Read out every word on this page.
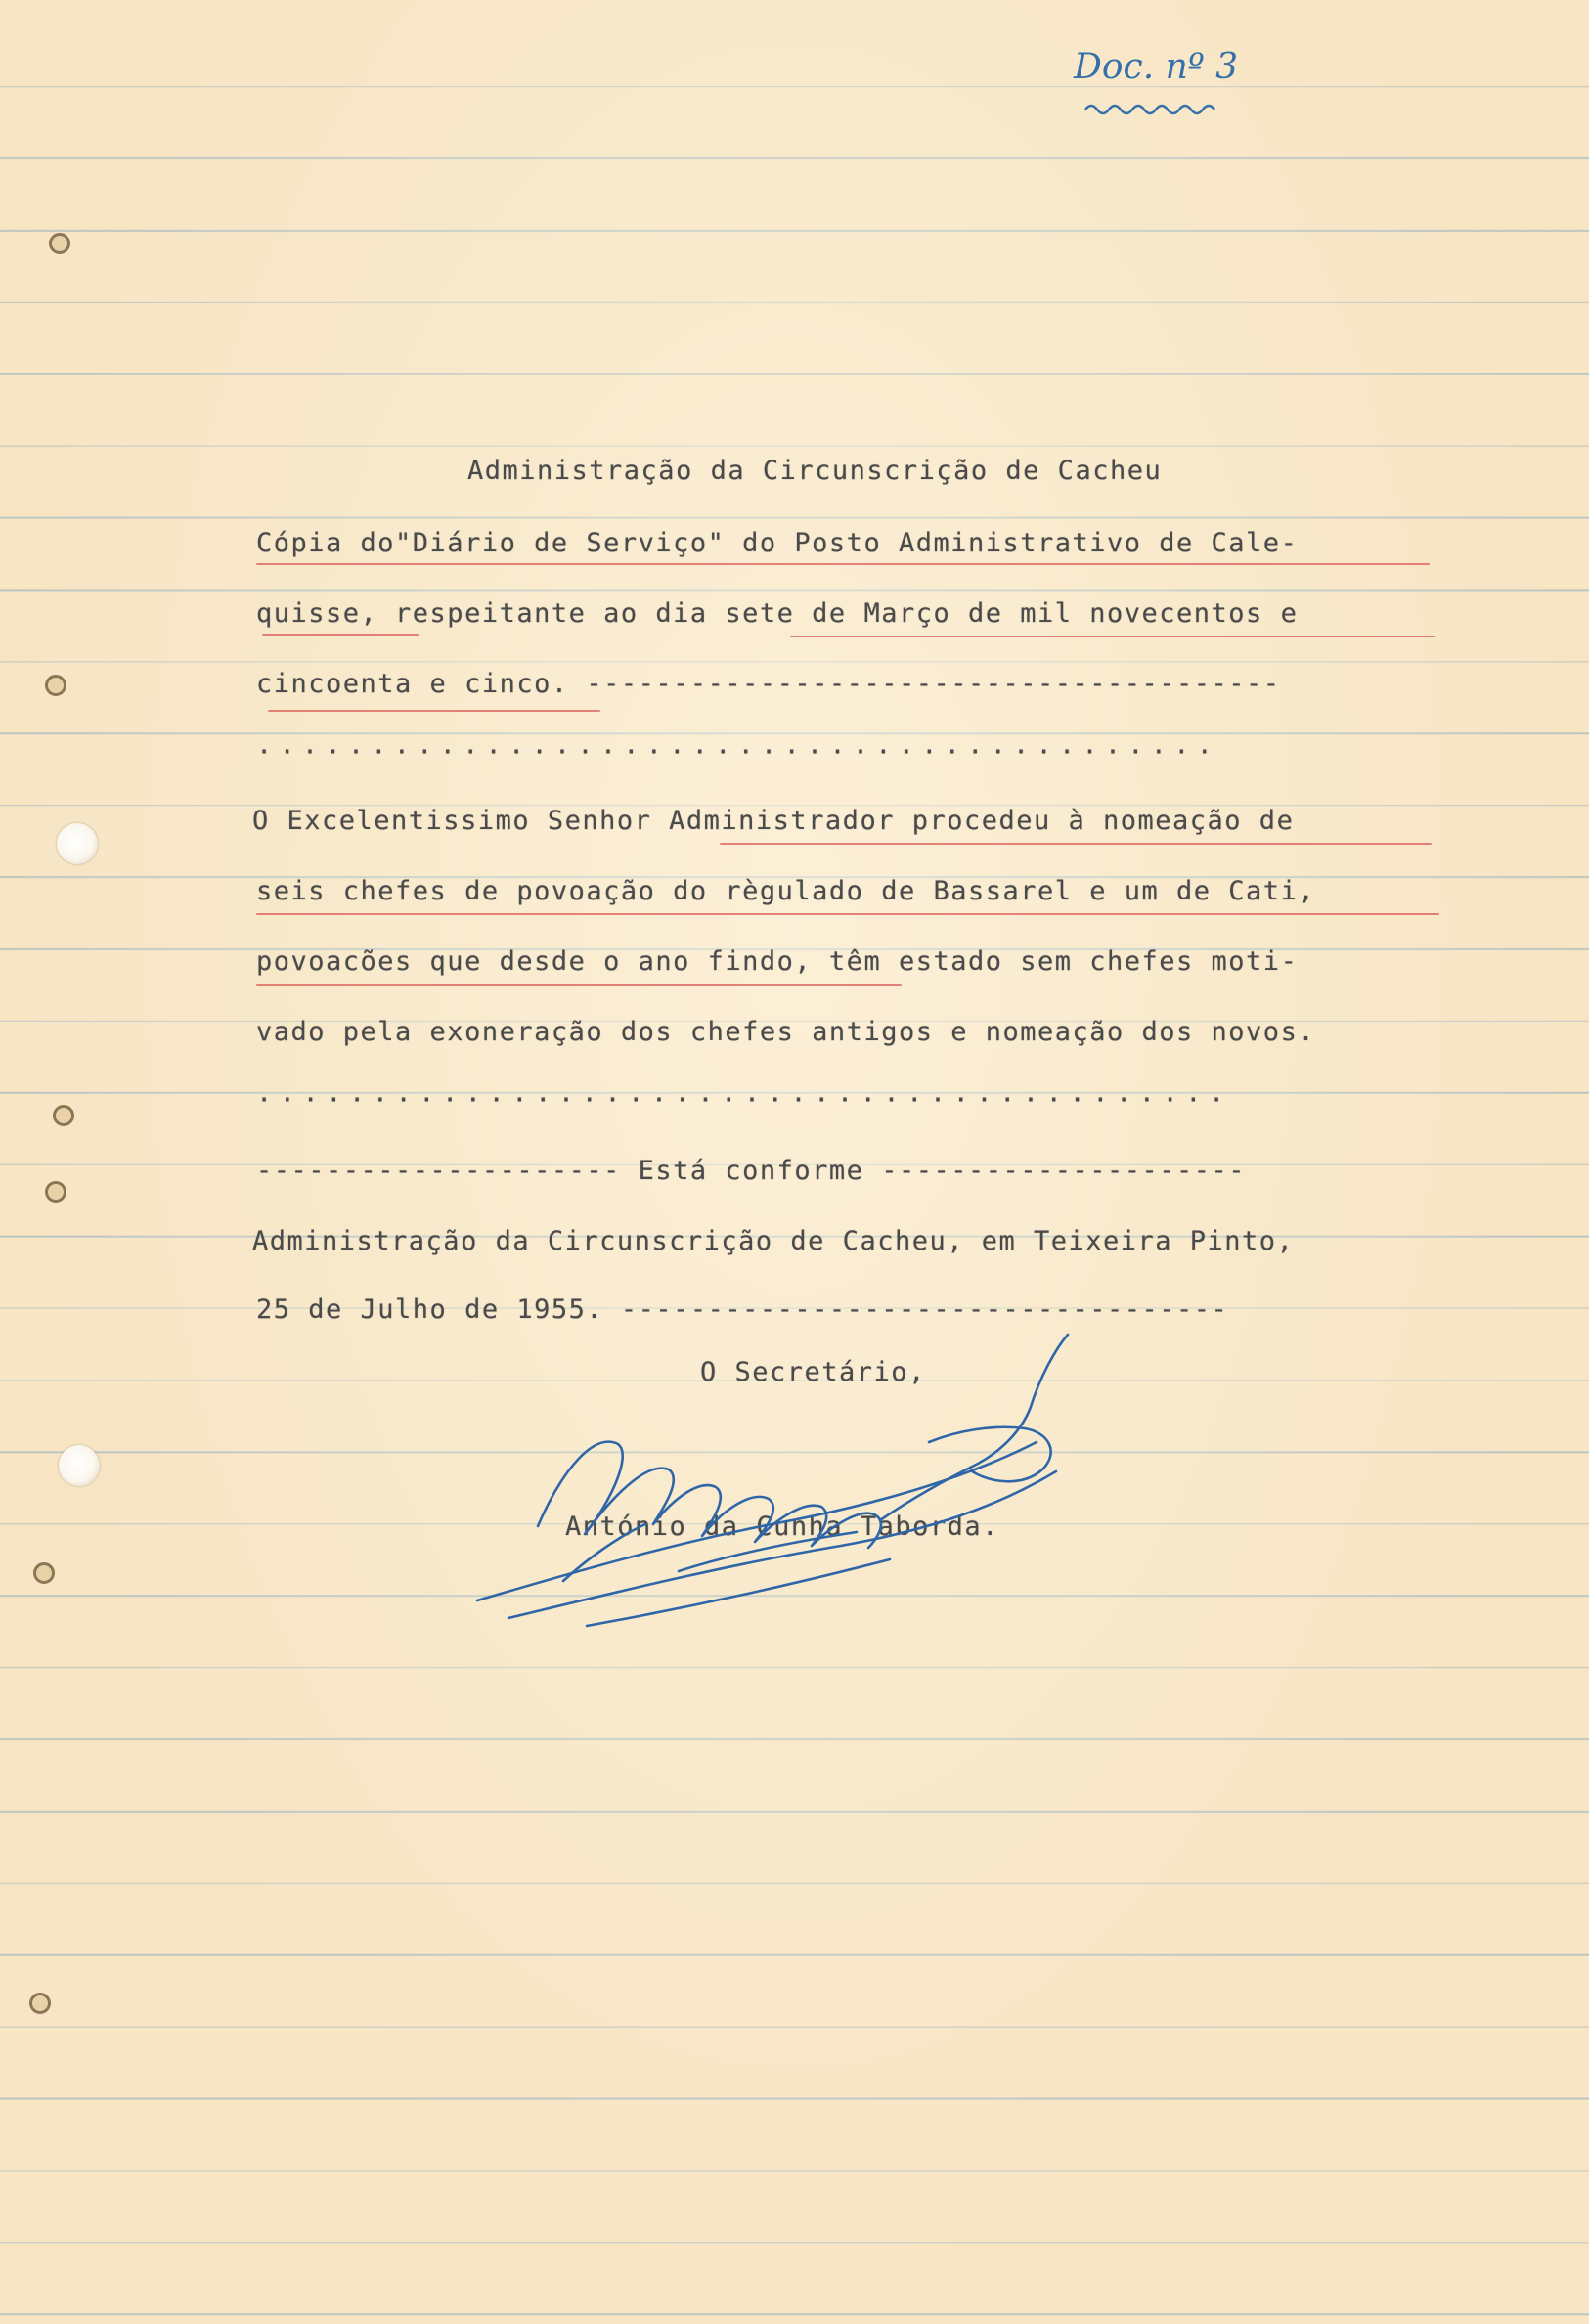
Doc. nº 3
Administração da Circunscrição de Cacheu
Cópia do"Diário de Serviço" do Posto Administrativo de Cale-
quisse, respeitante ao dia sete de Março de mil novecentos e
cincoenta e cinco. ----------------------------------------
··········································
O Excelentissimo Senhor Administrador procedeu à nomeação de
seis chefes de povoação do règulado de Bassarel e um de Cati,
povoacões que desde o ano findo, têm estado sem chefes moti-
vado pela exoneração dos chefes antigos e nomeação dos novos.
··········································
--------------------- Está conforme ---------------------
Administração da Circunscrição de Cacheu, em Teixeira Pinto,
25 de Julho de 1955. -----------------------------------
O Secretário,
António da Cunha Taborda.
